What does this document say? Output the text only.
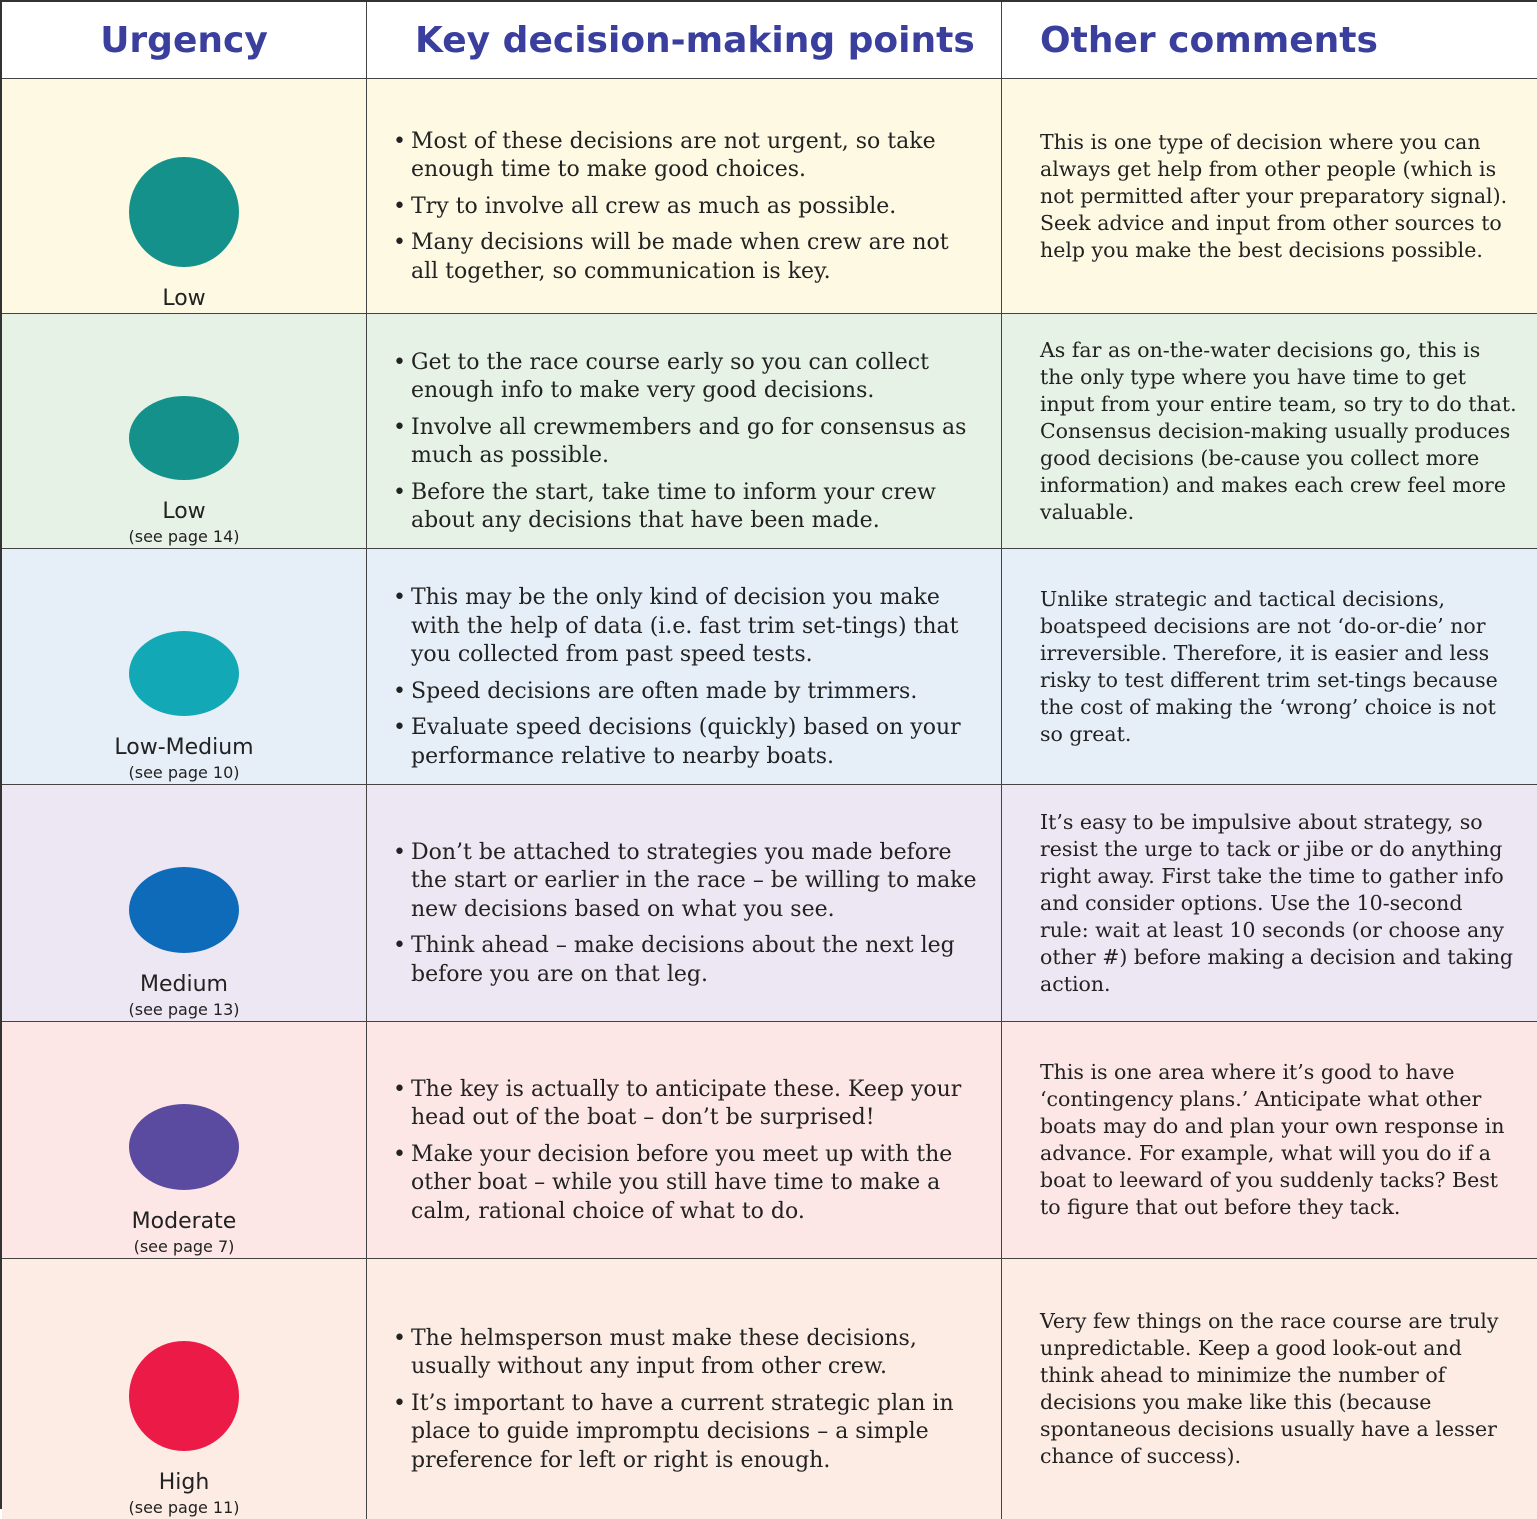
Urgency	Key decision-making points	Other comments
Low
• Most of these decisions are not urgent, so take enough time to make good choices.
• Try to involve all crew as much as possible.
• Many decisions will be made when crew are not all together, so communication is key.
This is one type of decision where you can always get help from other people (which is not permitted after your preparatory signal). Seek advice and input from other sources to help you make the best decisions possible.
Low
(see page 14)
• Get to the race course early so you can collect enough info to make very good decisions.
• Involve all crewmembers and go for consensus as much as possible.
• Before the start, take time to inform your crew about any decisions that have been made.
As far as on-the-water decisions go, this is the only type where you have time to get input from your entire team, so try to do that. Consensus decision-making usually produces good decisions (be-cause you collect more information) and makes each crew feel more valuable.
Low-Medium
(see page 10)
• This may be the only kind of decision you make with the help of data (i.e. fast trim set-tings) that you collected from past speed tests.
• Speed decisions are often made by trimmers.
• Evaluate speed decisions (quickly) based on your performance relative to nearby boats.
Unlike strategic and tactical decisions, boatspeed decisions are not ‘do-or-die’ nor irreversible. Therefore, it is easier and less risky to test different trim set-tings because the cost of making the ‘wrong’ choice is not so great.
Medium
(see page 13)
• Don’t be attached to strategies you made before the start or earlier in the race – be willing to make new decisions based on what you see.
• Think ahead – make decisions about the next leg before you are on that leg.
It’s easy to be impulsive about strategy, so resist the urge to tack or jibe or do anything right away. First take the time to gather info and consider options. Use the 10-second rule: wait at least 10 seconds (or choose any other #) before making a decision and taking action.
Moderate
(see page 7)
• The key is actually to anticipate these. Keep your head out of the boat – don’t be surprised!
• Make your decision before you meet up with the other boat – while you still have time to make a calm, rational choice of what to do.
This is one area where it’s good to have ‘contingency plans.’ Anticipate what other boats may do and plan your own response in advance. For example, what will you do if a boat to leeward of you suddenly tacks? Best to figure that out before they tack.
High
(see page 11)
• The helmsperson must make these decisions, usually without any input from other crew.
• It’s important to have a current strategic plan in place to guide impromptu decisions – a simple preference for left or right is enough.
Very few things on the race course are truly unpredictable. Keep a good look-out and think ahead to minimize the number of decisions you make like this (because spontaneous decisions usually have a lesser chance of success).
